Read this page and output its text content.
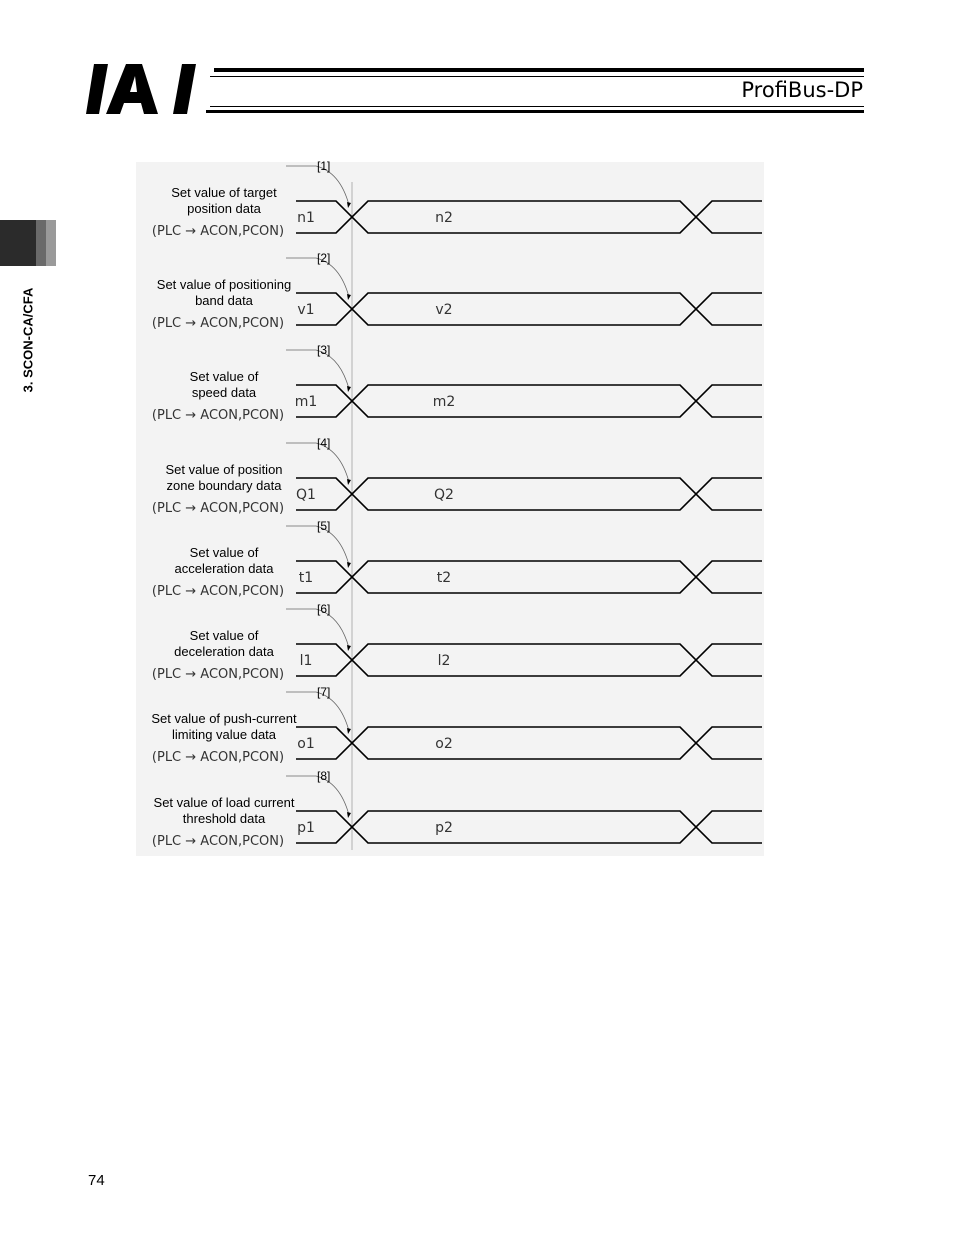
ProfiBus-DP
3. SCON-CA/CFA
[1]
Set value of target
position data
(PLC → ACON,PCON)
n1	n2
[2]
Set value of positioning
band data
(PLC → ACON,PCON)
v1	v2
[3]
Set value of
speed data
(PLC → ACON,PCON)
m1	m2
[4]
Set value of position
zone boundary data
(PLC → ACON,PCON)
Q1	Q2
[5]
Set value of
acceleration data
(PLC → ACON,PCON)
t1	t2
[6]
Set value of
deceleration data
(PLC → ACON,PCON)
l1	l2
[7]
Set value of push-current
limiting value data
(PLC → ACON,PCON)
o1	o2
[8]
Set value of load current
threshold data
(PLC → ACON,PCON)
p1	p2
74
